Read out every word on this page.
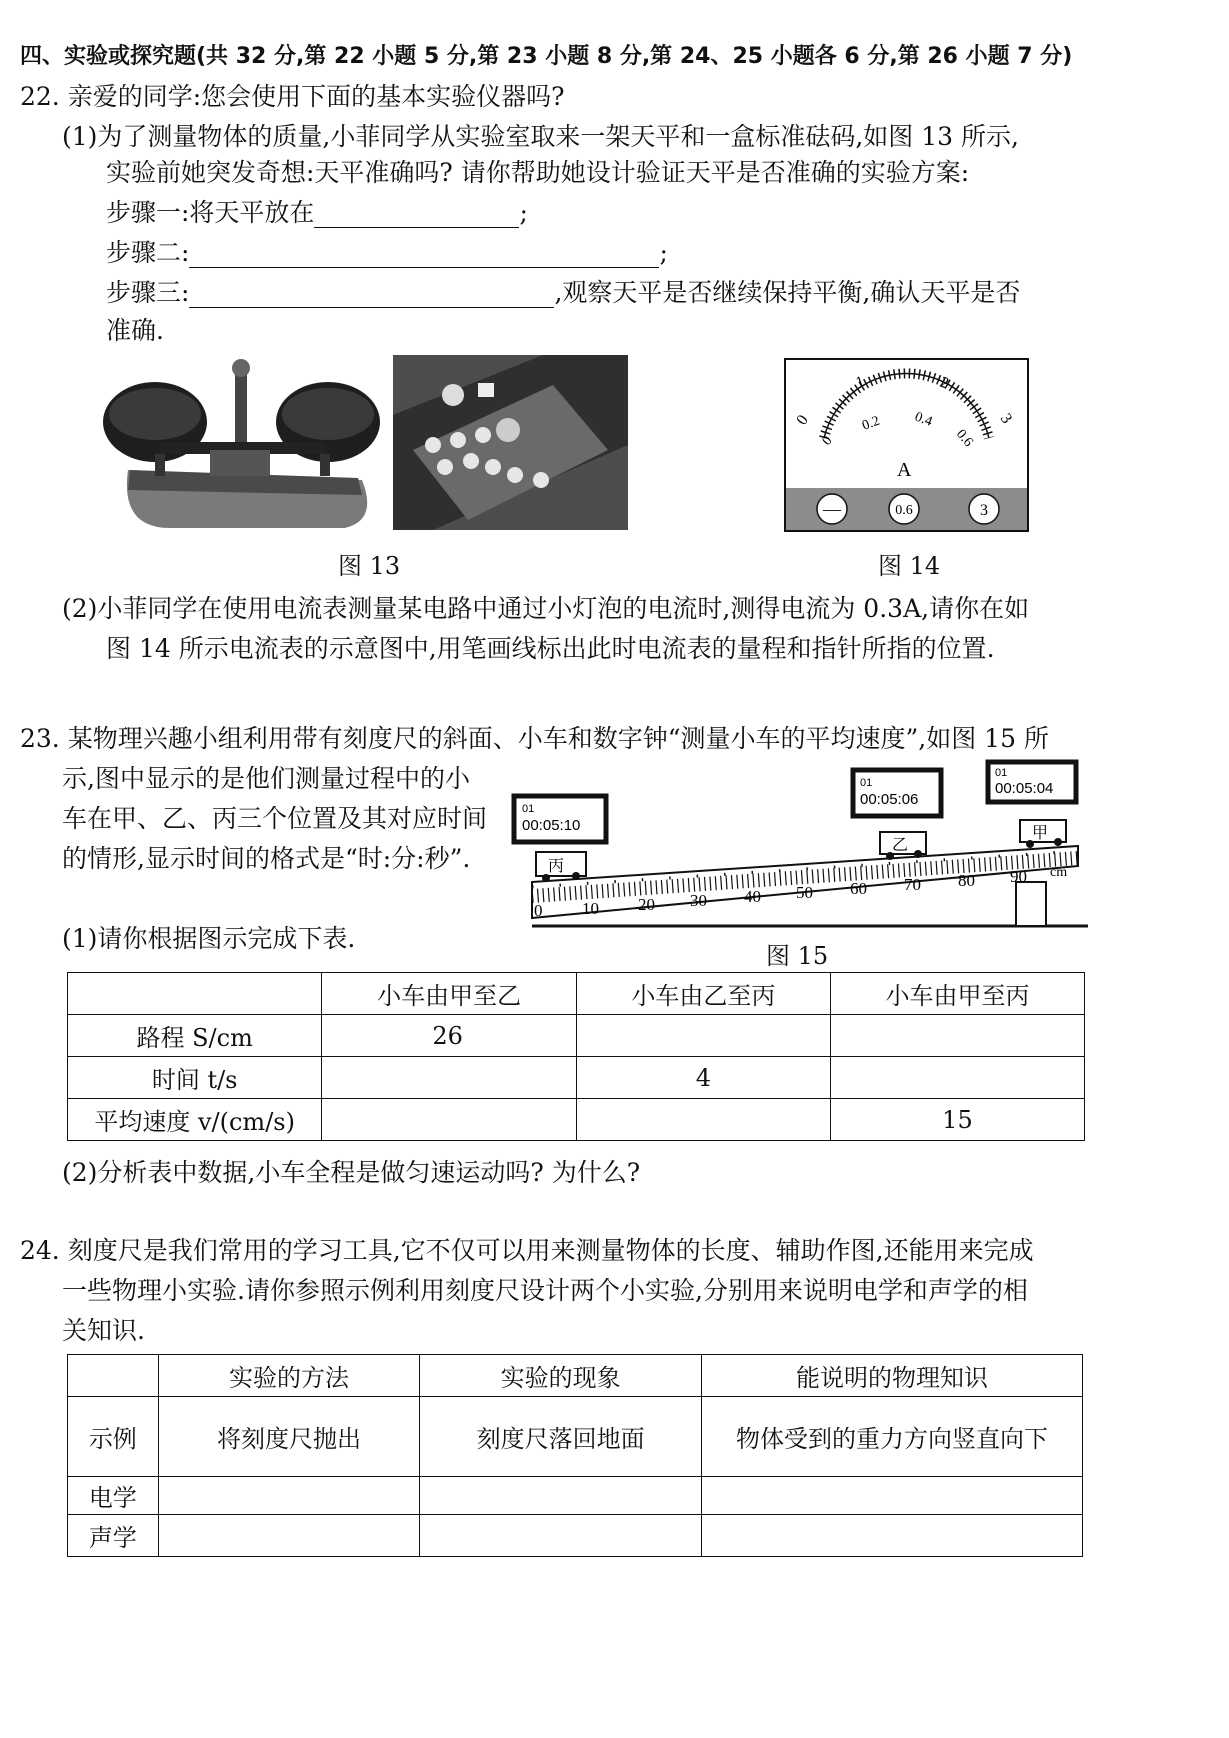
四、实验或探究题(共 32 分,第 22 小题 5 分,第 23 小题 8 分,第 24、25 小题各 6 分,第 26 小题 7 分)
22. 亲爱的同学:您会使用下面的基本实验仪器吗?
(1)为了测量物体的质量,小菲同学从实验室取来一架天平和一盒标准砝码,如图 13 所示,
实验前她突发奇想:天平准确吗? 请你帮助她设计验证天平是否准确的实验方案:
步骤一:将天平放在	;
步骤二:	;
步骤三:	,观察天平是否继续保持平衡,确认天平是否
准确.
图 13
0
1	2
3
0
0.2 0.4
0.6
A
—	0.6	3
图 14
(2)小菲同学在使用电流表测量某电路中通过小灯泡的电流时,测得电流为 0.3A,请你在如
图 14 所示电流表的示意图中,用笔画线标出此时电流表的量程和指针所指的位置.
23. 某物理兴趣小组利用带有刻度尺的斜面、小车和数字钟“测量小车的平均速度”,如图 15 所
示,图中显示的是他们测量过程中的小
车在甲、乙、丙三个位置及其对应时间
的情形,显示时间的格式是“时:分:秒”.
01
00:05:10
01
00:05:06
01
00:05:04
0 10 20 30 40 50 60 70 80 90 cm
丙
乙
甲
(1)请你根据图示完成下表.
图 15
	小车由甲至乙	小车由乙至丙	小车由甲至丙
路程 S/cm	26		
时间 t/s		4	
平均速度 v/(cm/s)			15
(2)分析表中数据,小车全程是做匀速运动吗? 为什么?
24. 刻度尺是我们常用的学习工具,它不仅可以用来测量物体的长度、辅助作图,还能用来完成
一些物理小实验.请你参照示例利用刻度尺设计两个小实验,分别用来说明电学和声学的相
关知识.
	实验的方法	实验的现象	能说明的物理知识
示例	将刻度尺抛出	刻度尺落回地面	物体受到的重力方向竖直向下
电学			
声学			
